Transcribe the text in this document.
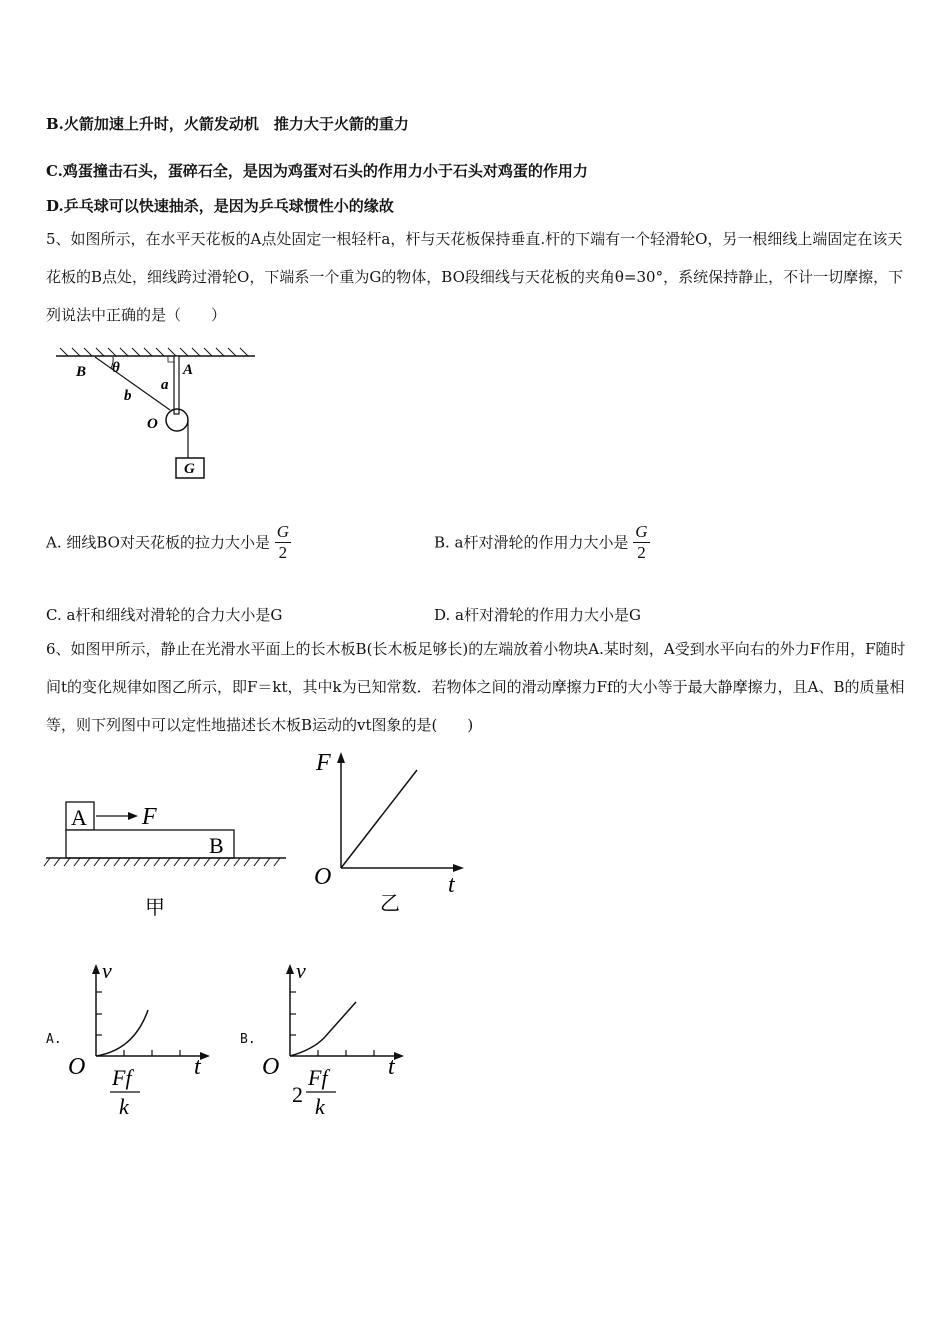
B.火箭加速上升时，火箭发动机　推力大于火箭的重力
C.鸡蛋撞击石头，蛋碎石全，是因为鸡蛋对石头的作用力小于石头对鸡蛋的作用力
D.乒乓球可以快速抽杀，是因为乒乓球惯性小的缘故
5、如图所示，在水平天花板的A点处固定一根轻杆a，杆与天花板保持垂直.杆的下端有一个轻滑轮O，另一根细线上端固定在该天花板的B点处，细线跨过滑轮O，下端系一个重为G的物体，BO段细线与天花板的夹角θ=30°，系统保持静止，不计一切摩擦，下列说法中正确的是（　　）
B θ	A
a
b
O
G
A. 细线BO对天花板的拉力大小是 $\frac{G}{2}$	B. a杆对滑轮的作用力大小是 $\frac{G}{2}$
C. a杆和细线对滑轮的合力大小是G	D. a杆对滑轮的作用力大小是G
6、如图甲所示，静止在光滑水平面上的长木板B(长木板足够长)的左端放着小物块A.某时刻，A受到水平向右的外力F作用，F随时间t的变化规律如图乙所示，即F＝kt，其中k为已知常数．若物体之间的滑动摩擦力Ff的大小等于最大静摩擦力，且A、B的质量相等，则下列图中可以定性地描述长木板B运动的vt图象的是(　　)
A F
B
甲
F
O	t
乙
A.
v
O	t
Ff
k
B.
v
O	t
2
Ff
k
